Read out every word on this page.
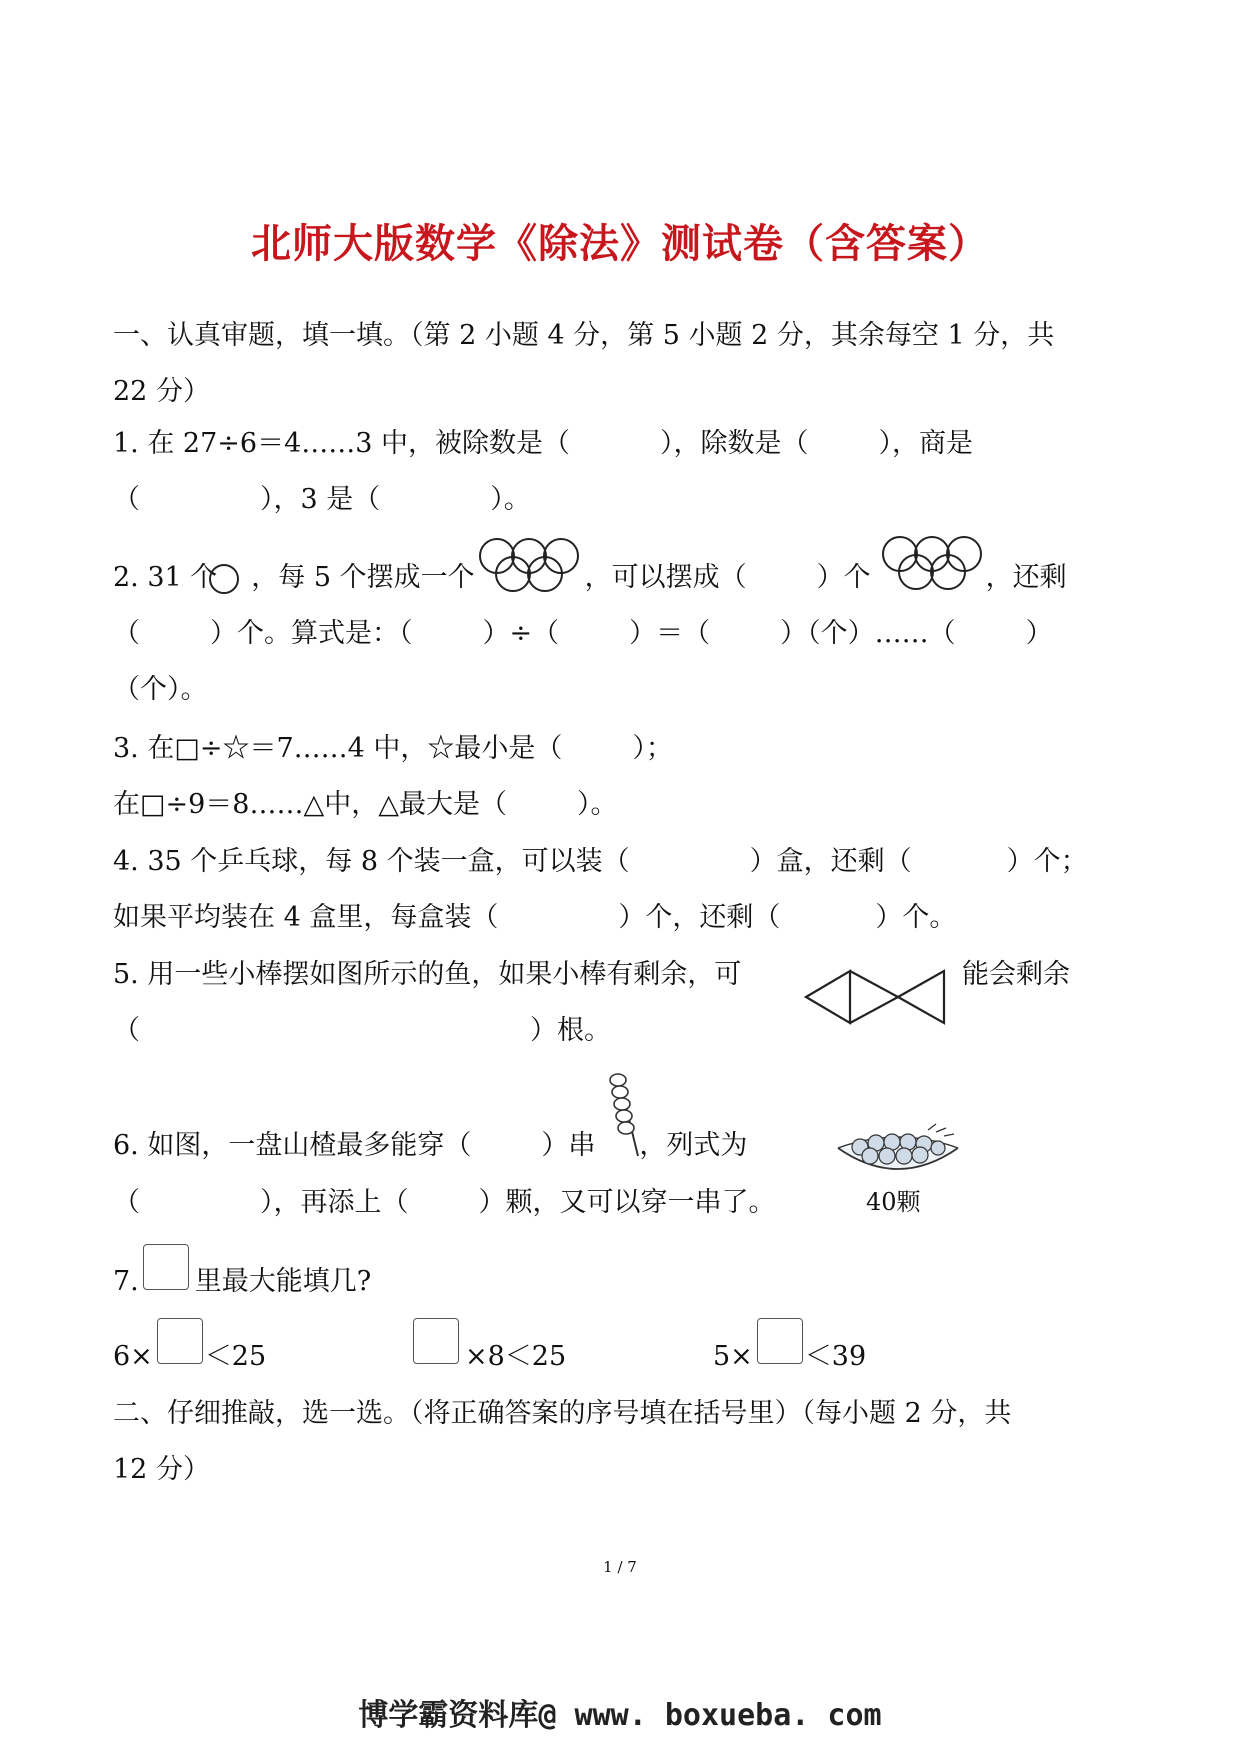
北师大版数学《除法》测试卷（含答案）
一、认真审题，填一填。（第 2 小题 4 分，第 5 小题 2 分，其余每空 1 分，共
22 分）
1. 在 27÷6＝4……3 中，被除数是（	），除数是（	），商是
（	），3 是（	）。
2. 31 个 ，每 5 个摆成一个	，可以摆成（	）个	，还剩
（	）个。算式是：（	）÷（	）＝（	）（个）……（	）
（个）。
3. 在□÷☆＝7……4 中，☆最小是（	）；
在□÷9＝8……△中，△最大是（	）。
4. 35 个乒乓球，每 8 个装一盒，可以装（	）盒，还剩（	）个；
如果平均装在 4 盒里，每盒装（	）个，还剩（	）个。
5. 用一些小棒摆如图所示的鱼，如果小棒有剩余，可	能会剩余
（	）根。
6. 如图，一盘山楂最多能穿（	）串 ，列式为
（	），再添上（	）颗，又可以穿一串了。	40颗
7. 里最大能填几?
6× ＜25	×8＜25	5× ＜39
二、仔细推敲，选一选。（将正确答案的序号填在括号里）（每小题 2 分，共
12 分）
1 / 7
博学霸资料库@ www. boxueba. com
